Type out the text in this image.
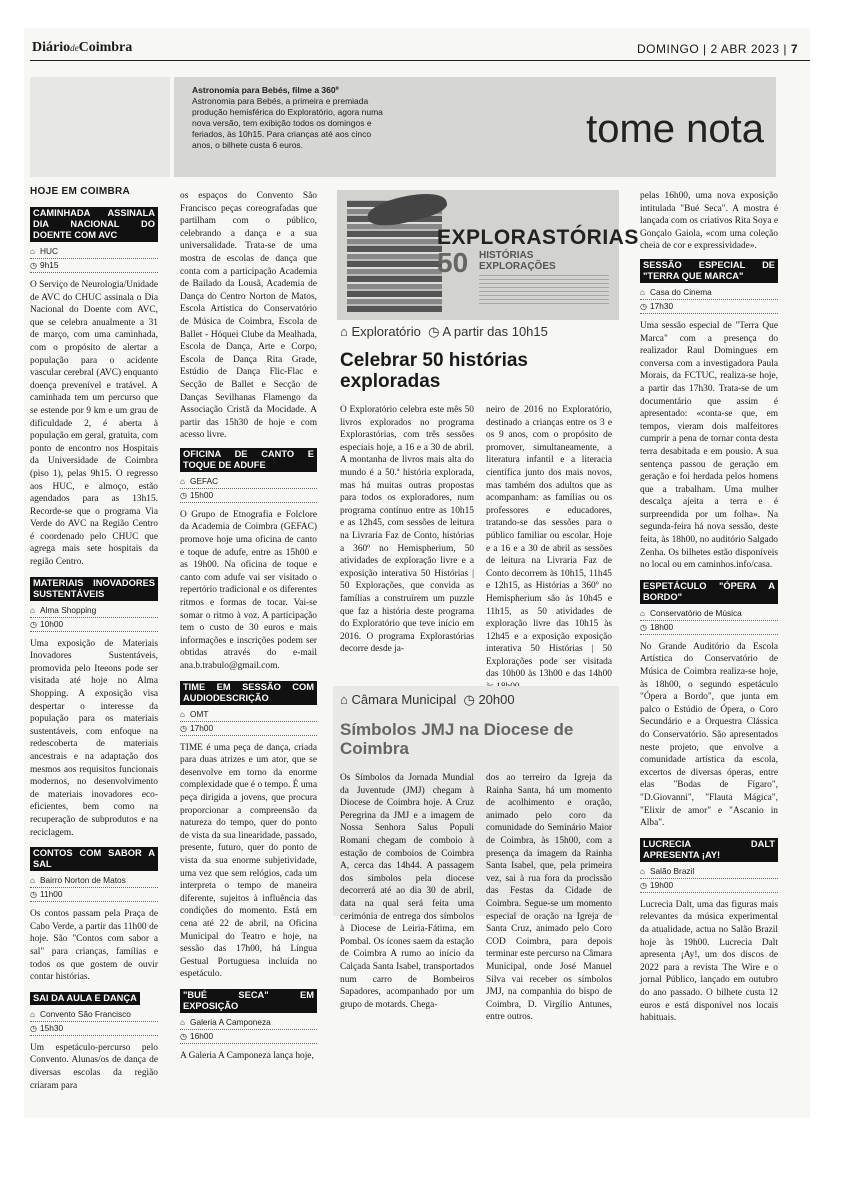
DiáriodeCoimbra	DOMINGO | 2 ABR 2023 | 7
Astronomia para Bebés, filme a 360º
Astronomia para Bebés, a primeira e premiada produção hemisférica do Exploratório, agora numa nova versão, tem exibição todos os domingos e feriados, às 10h15. Para crianças até aos cinco anos, o bilhete custa 6 euros.	tome nota
HOJE EM COIMBRA
CAMINHADA ASSINALA DIA NACIONAL DO DOENTE COM AVC
⌂ HUC
◷ 9h15

O Serviço de Neurologia/Unidade de AVC do CHUC assinala o Dia Nacional do Doente com AVC, que se celebra anualmente a 31 de março, com uma caminhada, com o propósito de alertar a população para o acidente vascular cerebral (AVC) enquanto doença prevenível e tratável. A caminhada tem um percurso que se estende por 9 km e um grau de dificuldade 2, é aberta à população em geral, gratuita, com ponto de encontro nos Hospitais da Universidade de Coimbra (piso 1), pelas 9h15. O regresso aos HUC, e almoço, estão agendados para as 13h15. Recorde-se que o programa Via Verde do AVC na Região Centro é coordenado pelo CHUC que agrega mais sete hospitais da região Centro.

MATERIAIS INOVADORES SUSTENTÁVEIS
⌂ Alma Shopping
◷ 10h00

Uma exposição de Materiais Inovadores Sustentáveis, promovida pelo Iteeons pode ser visitada até hoje no Alma Shopping. A exposição visa despertar o interesse da população para os materiais sustentáveis, com enfoque na redescoberta de materiais ancestrais e na adaptação dos mesmos aos requisitos funcionais modernos, no desenvolvimento de materiais inovadores eco-eficientes, bem como na recuperação de subprodutos e na reciclagem.

CONTOS COM SABOR A SAL
⌂ Bairro Norton de Matos
◷ 11h00

Os contos passam pela Praça de Cabo Verde, a partir das 11h00 de hoje. São "Contos com sabor a sal" para crianças, famílias e todos os que gostem de ouvir contar histórias.

SAI DA AULA E DANÇA
⌂ Convento São Francisco
◷ 15h30

Um espetáculo-percurso pelo Convento. Alunas/os de dança de diversas escolas da região criaram para

os espaços do Convento São Francisco peças coreografadas que partilham com o público, celebrando a dança e a sua universalidade. Trata-se de uma mostra de escolas de dança que conta com a participação Academia de Bailado da Lousã, Academia de Dança do Centro Norton de Matos, Escola Artística do Conservatório de Música de Coimbra, Escola de Ballet - Hóquei Clube da Mealhada, Escola de Dança, Arte e Corpo, Escola de Dança Rita Grade, Estúdio de Dança Flic-Flac e Secção de Ballet e Secção de Danças Sevilhanas Flamengo da Associação Cristã da Mocidade. A partir das 15h30 de hoje e com acesso livre.

OFICINA DE CANTO E TOQUE DE ADUFE
⌂ GEFAC
◷ 15h00

O Grupo de Etnografia e Folclore da Academia de Coimbra (GEFAC) promove hoje uma oficina de canto e toque de adufe, entre as 15h00 e as 19h00. Na oficina de toque e canto com adufe vai ser visitado o repertório tradicional e os diferentes ritmos e formas de tocar. Vai-se somar o ritmo à voz. A participação tem o custo de 30 euros e mais informações e inscrições podem ser obtidas através do e-mail ana.b.trabulo@gmail.com.

TIME EM SESSÃO COM AUDIODESCRIÇÃO
⌂ OMT
◷ 17h00

TIME é uma peça de dança, criada para duas atrizes e um ator, que se desenvolve em torno da enorme complexidade que é o tempo. É uma peça dirigida a jovens, que procura proporcionar a compreensão da natureza do tempo, quer do ponto de vista da sua linearidade, passado, presente, futuro, quer do ponto de vista da sua enorme subjetividade, uma vez que sem relógios, cada um interpreta o tempo de maneira diferente, sujeitos à influência das condições do momento. Está em cena até 22 de abril, na Oficina Municipal do Teatro e hoje, na sessão das 17h00, há Língua Gestual Portuguesa incluída no espetáculo.

"BUÉ SECA" EM EXPOSIÇÃO
⌂ Galeria A Camponeza
◷ 16h00

A Galeria A Camponeza lança hoje,

EXPLORASTÓRIAS
50 HISTÓRIAS
EXPLORAÇÕES
⌂ Exploratório ◷ A partir das 10h15
Celebrar 50 histórias exploradas
O Exploratório celebra este mês 50 livros explorados no programa Explorastórias, com três sessões especiais hoje, a 16 e a 30 de abril. A montanha de livros mais alta do mundo é a 50.ª história explorada, mas há muitas outras propostas para todos os exploradores, num programa contínuo entre as 10h15 e as 12h45, com sessões de leitura na Livraria Faz de Conto, histórias a 360º no Hemispherium, 50 atividades de exploração livre e a exposição interativa 50 Histórias | 50 Explorações, que convida as famílias a construírem um puzzle que faz a história deste programa do Exploratório que teve início em 2016. O programa Explorastórias decorre desde ja-
neiro de 2016 no Exploratório, destinado a crianças entre os 3 e os 9 anos, com o propósito de promover, simultaneamente, a literatura infantil e a literacia científica junto dos mais novos, mas também dos adultos que as acompanham: as famílias ou os professores e educadores, tratando-se das sessões para o público familiar ou escolar. Hoje e a 16 e a 30 de abril as sessões de leitura na Livraria Faz de Conto decorrem às 10h15, 11h45 e 12h15, as Histórias a 360º no Hemispherium são às 10h45 e 11h15, as 50 atividades de exploração livre das 10h15 às 12h45 e a exposição exposição interativa 50 Histórias | 50 Explorações pode ser visitada das 10h00 às 13h00 e das 14h00
⌂ Câmara Municipal ◷ 20h00
Símbolos JMJ na Diocese de Coimbra
Os Símbolos da Jornada Mundial da Juventude (JMJ) chegam à Diocese de Coimbra hoje. A Cruz Peregrina da JMJ e a imagem de Nossa Senhora Salus Populi Romani chegam de comboio à estação de comboios de Coimbra A, cerca das 14h44. A passagem dos símbolos pela diocese decorrerá até ao dia 30 de abril, data na qual será feita uma cerimónia de entrega dos símbolos à Diocese de Leiria-Fátima, em Pombal. Os ícones saem da estação de Coimbra A rumo ao início da Calçada Santa Isabel, transportados num carro de Bombeiros Sapadores, acompanhado por um grupo de motards. Chega-
dos ao terreiro da Igreja da Rainha Santa, há um momento de acolhimento e oração, animado pelo coro da comunidade do Seminário Maior de Coimbra, às 15h00, com a presença da imagem da Rainha Santa Isabel, que, pela primeira vez, sai à rua fora da procissão das Festas da Cidade de Coimbra. Segue-se um momento especial de oração na Igreja de Santa Cruz, animado pelo Coro COD Coimbra, para depois terminar este percurso na Câmara Municipal, onde José Manuel Silva vai receber os símbolos JMJ, na companhia do bispo de Coimbra, D. Virgílio Antunes, entre outros.

pelas 16h00, uma nova exposição intitulada "Bué Seca". A mostra é lançada com os criativos Rita Soya e Gonçalo Gaiola, «com uma coleção cheia de cor e expressividade».

SESSÃO ESPECIAL DE "TERRA QUE MARCA"
⌂ Casa do Cinema
◷ 17h30

Uma sessão especial de "Terra Que Marca" com a presença do realizador Raul Domingues em conversa com a investigadora Paula Morais, da FCTUC, realiza-se hoje, a partir das 17h30. Trata-se de um documentário que assim é apresentado: «conta-se que, em tempos, vieram dois malfeitores cumprir a pena de tornar conta desta terra desabitada e em pousio. A sua sentença passou de geração em geração e foi herdada pelos homens que a trabalham. Uma mulher descalça ajeita a terra e é surpreendida por um folha». Na segunda-feira há nova sessão, deste feita, às 18h00, no auditório Salgado Zenha. Os bilhetes estão disponíveis no local ou em caminhos.info/casa.

ESPETÁCULO "ÓPERA A BORDO"
⌂ Conservatório de Música
◷ 18h00

No Grande Auditório da Escola Artística do Conservatório de Música de Coimbra realiza-se hoje, às 18h00, o segundo espetáculo "Ópera a Bordo", que junta em palco o Estúdio de Ópera, o Coro Secundário e a Orquestra Clássica do Conservatório. São apresentados neste projeto, que envolve a comunidade artística da escola, excertos de diversas óperas, entre elas "Bodas de Fígaro", "D.Giovanni", "Flauta Mágica", "Elixir de amor" e "Ascanio in Alba".

LUCRECIA DALT APRESENTA ¡AY!
⌂ Salão Brazil
◷ 19h00

Lucrecia Dalt, uma das figuras mais relevantes da música experimental da atualidade, actua no Salão Brazil hoje às 19h00. Lucrecia Dalt apresenta ¡Ay!, um dos discos de 2022 para a revista The Wire e o jornal Público, lançado em outubro do ano passado. O bilhete custa 12 euros e está disponível nos locais habituais.
